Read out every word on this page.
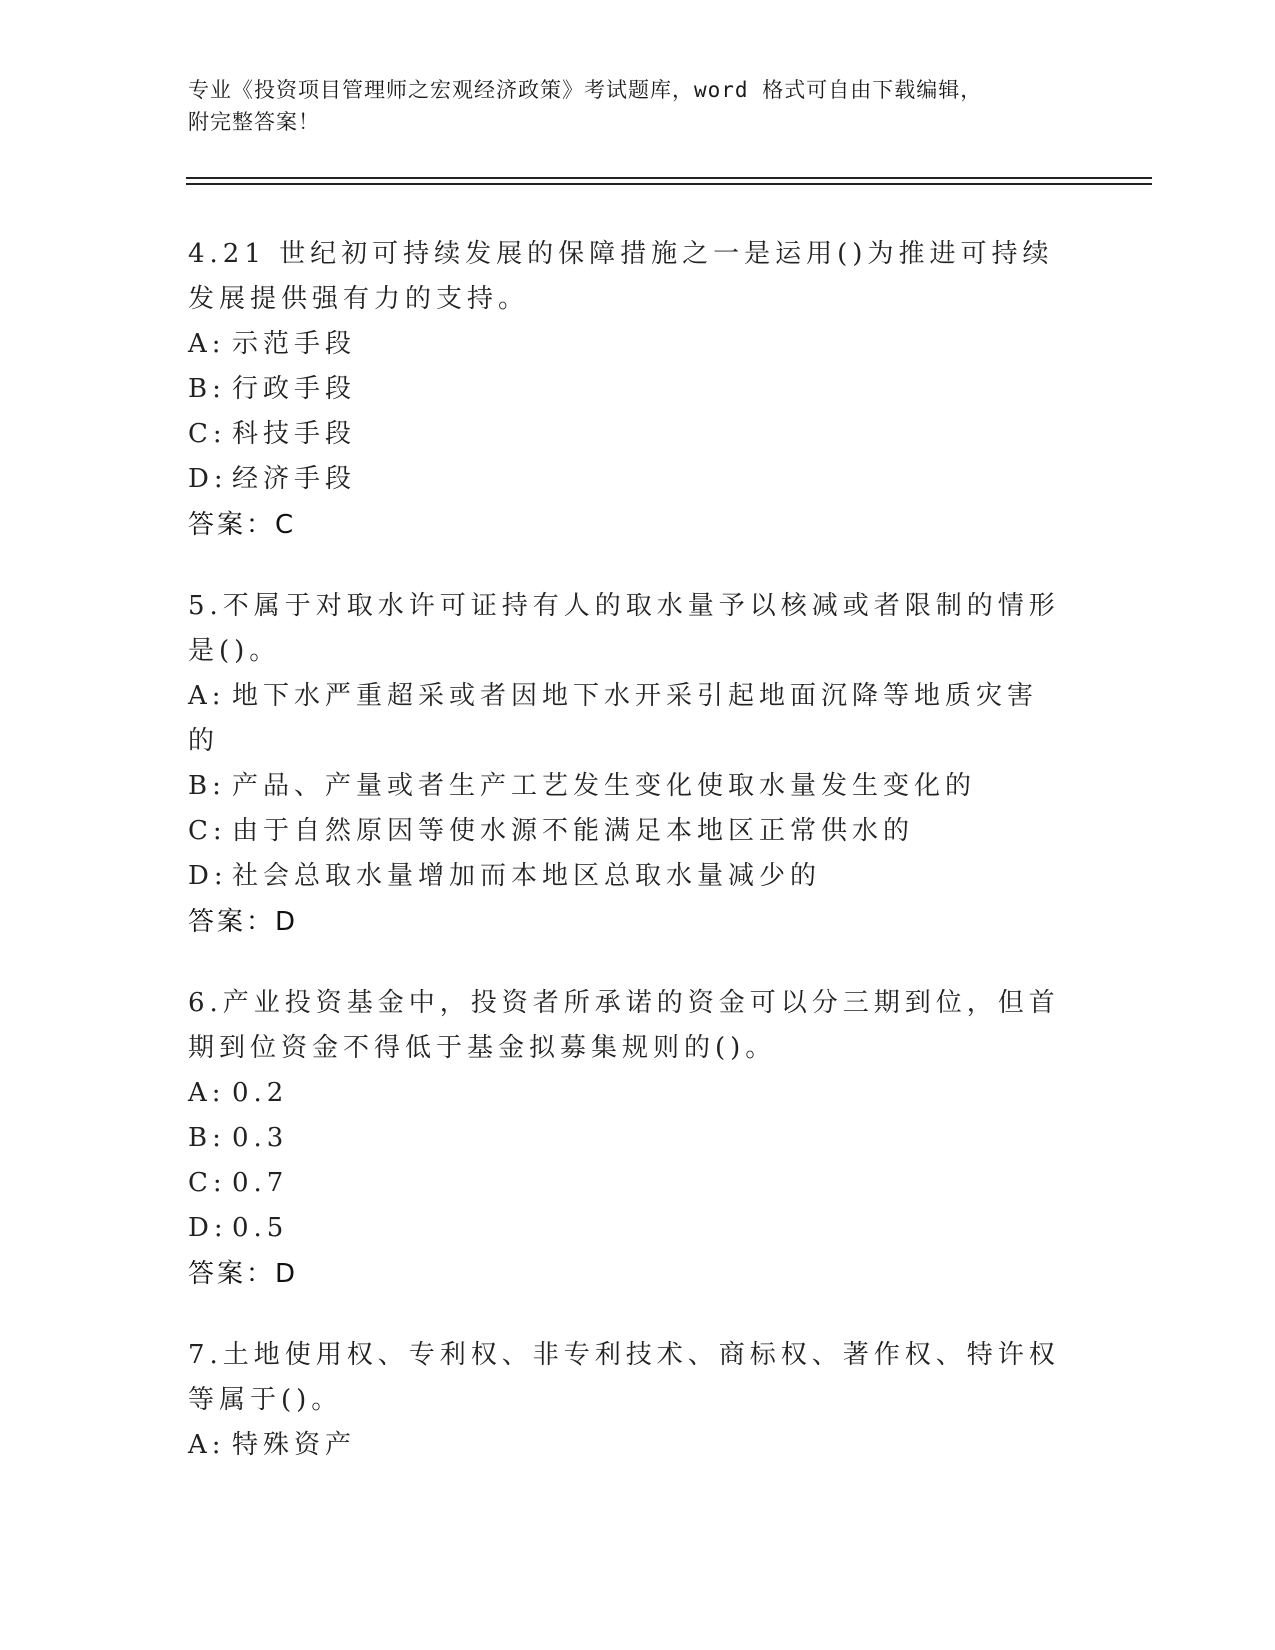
专业《投资项目管理师之宏观经济政策》考试题库，word 格式可自由下载编辑，
附完整答案！
4.21 世纪初可持续发展的保障措施之一是运用()为推进可持续发展提供强有力的支持。
A: 示范手段
B: 行政手段
C: 科技手段
D: 经济手段
答案：C
5.不属于对取水许可证持有人的取水量予以核减或者限制的情形是()。
A: 地下水严重超采或者因地下水开采引起地面沉降等地质灾害的
B: 产品、产量或者生产工艺发生变化使取水量发生变化的
C: 由于自然原因等使水源不能满足本地区正常供水的
D: 社会总取水量增加而本地区总取水量减少的
答案：D
6.产业投资基金中，投资者所承诺的资金可以分三期到位，但首期到位资金不得低于基金拟募集规则的()。
A: 0.2
B: 0.3
C: 0.7
D: 0.5
答案：D
7.土地使用权、专利权、非专利技术、商标权、著作权、特许权等属于()。
A: 特殊资产
